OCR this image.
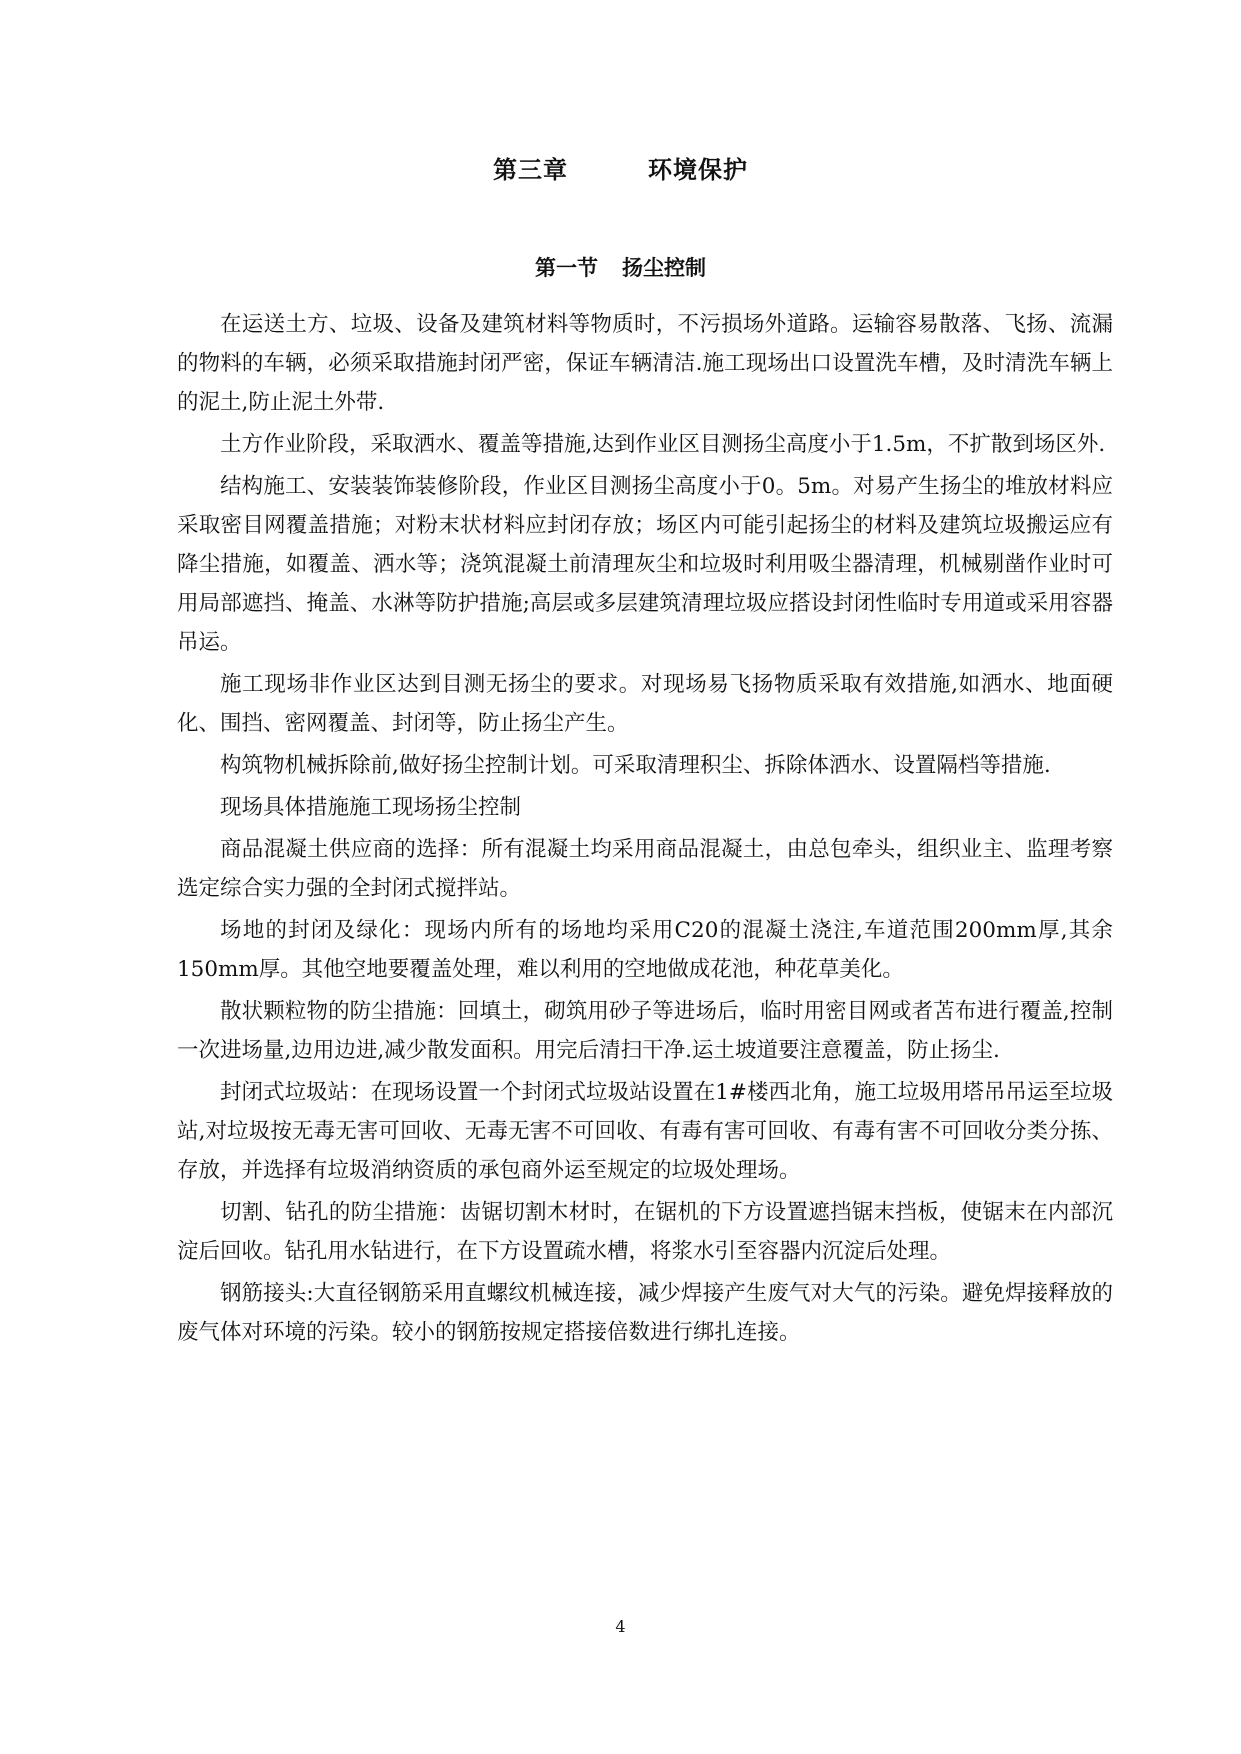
第三章	环境保护
第一节 扬尘控制

在运送土方、垃圾、设备及建筑材料等物质时，不污损场外道路。运输容易散落、飞扬、流漏的物料的车辆，必须采取措施封闭严密，保证车辆清洁.施工现场出口设置洗车槽，及时清洗车辆上的泥土,防止泥土外带.

土方作业阶段，采取洒水、覆盖等措施,达到作业区目测扬尘高度小于1.5m，不扩散到场区外.

结构施工、安装装饰装修阶段，作业区目测扬尘高度小于0。5m。对易产生扬尘的堆放材料应采取密目网覆盖措施；对粉末状材料应封闭存放；场区内可能引起扬尘的材料及建筑垃圾搬运应有降尘措施，如覆盖、洒水等；浇筑混凝土前清理灰尘和垃圾时利用吸尘器清理，机械剔凿作业时可用局部遮挡、掩盖、水淋等防护措施;高层或多层建筑清理垃圾应搭设封闭性临时专用道或采用容器吊运。

施工现场非作业区达到目测无扬尘的要求。对现场易飞扬物质采取有效措施,如洒水、地面硬化、围挡、密网覆盖、封闭等，防止扬尘产生。

构筑物机械拆除前,做好扬尘控制计划。可采取清理积尘、拆除体洒水、设置隔档等措施.

现场具体措施施工现场扬尘控制

商品混凝土供应商的选择：所有混凝土均采用商品混凝土，由总包牵头，组织业主、监理考察选定综合实力强的全封闭式搅拌站。

场地的封闭及绿化：现场内所有的场地均采用C20的混凝土浇注,车道范围200mm厚,其余150mm厚。其他空地要覆盖处理，难以利用的空地做成花池，种花草美化。

散状颗粒物的防尘措施：回填土，砌筑用砂子等进场后，临时用密目网或者苫布进行覆盖,控制一次进场量,边用边进,减少散发面积。用完后清扫干净.运土坡道要注意覆盖，防止扬尘.

封闭式垃圾站：在现场设置一个封闭式垃圾站设置在1#楼西北角，施工垃圾用塔吊吊运至垃圾站,对垃圾按无毒无害可回收、无毒无害不可回收、有毒有害可回收、有毒有害不可回收分类分拣、存放，并选择有垃圾消纳资质的承包商外运至规定的垃圾处理场。

切割、钻孔的防尘措施：齿锯切割木材时，在锯机的下方设置遮挡锯末挡板，使锯末在内部沉淀后回收。钻孔用水钻进行，在下方设置疏水槽，将浆水引至容器内沉淀后处理。

钢筋接头:大直径钢筋采用直螺纹机械连接，减少焊接产生废气对大气的污染。避免焊接释放的废气体对环境的污染。较小的钢筋按规定搭接倍数进行绑扎连接。

4
